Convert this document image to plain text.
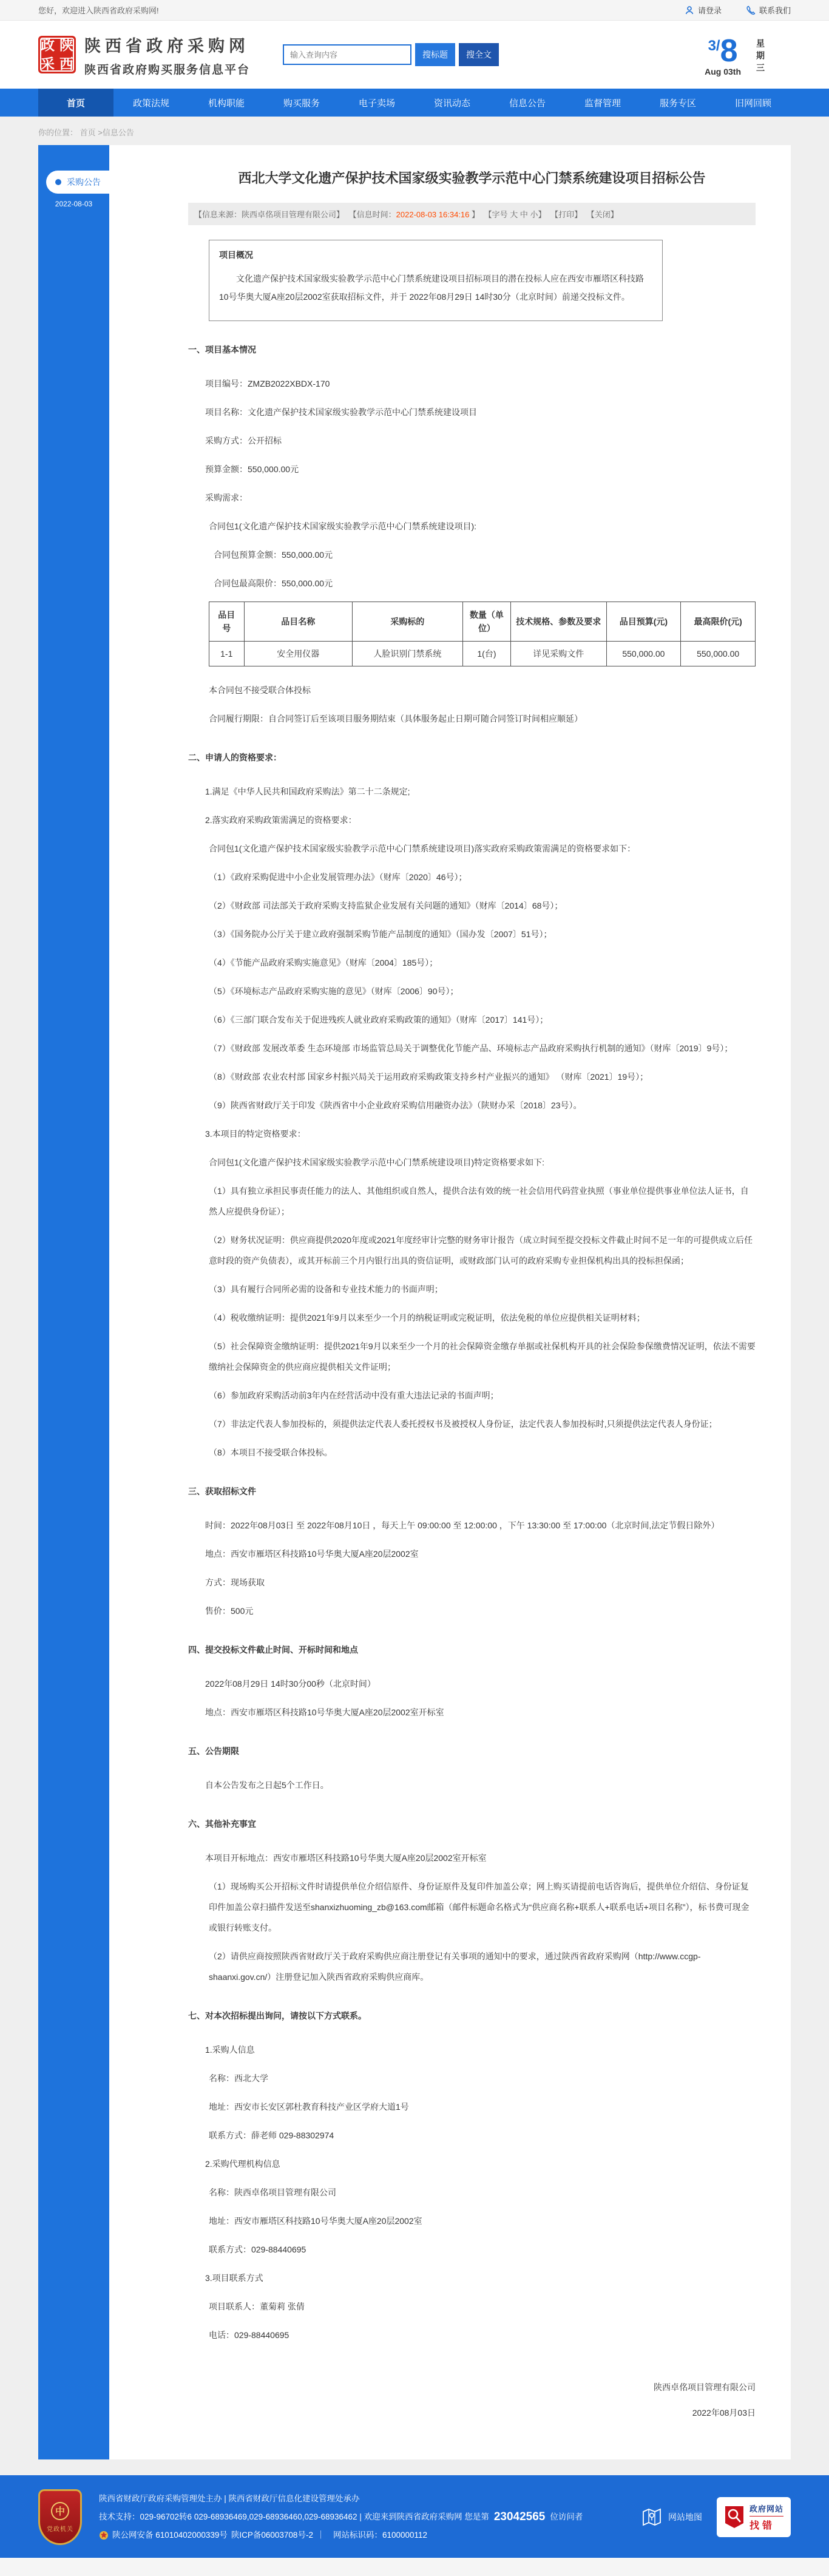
您好，欢迎进入陕西省政府采购网!	请登录	联系我们
政 陕
采 西
陕西省政府采购网
陕西省政府购买服务信息平台
输入查询内容
搜标题	搜全文
3/8
Aug 03th 星期三
首页	政策法规	机构职能	购买服务	电子卖场	资讯动态	信息公告	监督管理	服务专区	旧网回顾
你的位置： 首页 >信息公告
采购公告
2022-08-03
西北大学文化遗产保护技术国家级实验教学示范中心门禁系统建设项目招标公告
【信息来源：陕西卓佲项目管理有限公司】 【信息时间：2022-08-03 16:34:16 】 【字号 大 中 小】 【打印】 【关闭】
项目概况

文化遗产保护技术国家级实验教学示范中心门禁系统建设项目招标项目的潜在投标人应在西安市雁塔区科技路10号华奥大厦A座20层2002室获取招标文件，并于 2022年08月29日 14时30分（北京时间）前递交投标文件。

一、项目基本情况

项目编号：ZMZB2022XBDX-170

项目名称：文化遗产保护技术国家级实验教学示范中心门禁系统建设项目

采购方式：公开招标

预算金额：550,000.00元

采购需求：

合同包1(文化遗产保护技术国家级实验教学示范中心门禁系统建设项目):

合同包预算金额：550,000.00元

合同包最高限价：550,000.00元

品目号	品目名称	采购标的	数量（单位）	技术规格、参数及要求	品目预算(元)	最高限价(元)
1-1	安全用仪器	人脸识别门禁系统	1(台)	详见采购文件	550,000.00	550,000.00

本合同包不接受联合体投标

合同履行期限：自合同签订后至该项目服务期结束（具体服务起止日期可随合同签订时间相应顺延）

二、申请人的资格要求：

1.满足《中华人民共和国政府采购法》第二十二条规定;

2.落实政府采购政策需满足的资格要求：

合同包1(文化遗产保护技术国家级实验教学示范中心门禁系统建设项目)落实政府采购政策需满足的资格要求如下：

（1）《政府采购促进中小企业发展管理办法》（财库〔2020〕46号）；

（2）《财政部 司法部关于政府采购支持监狱企业发展有关问题的通知》（财库〔2014〕68号）；

（3）《国务院办公厅关于建立政府强制采购节能产品制度的通知》（国办发〔2007〕51号）；

（4）《节能产品政府采购实施意见》（财库〔2004〕185号）；

（5）《环境标志产品政府采购实施的意见》（财库〔2006〕90号）；

（6）《三部门联合发布关于促进残疾人就业政府采购政策的通知》（财库〔2017〕141号）；

（7）《财政部 发展改革委 生态环境部 市场监管总局关于调整优化节能产品、环境标志产品政府采购执行机制的通知》（财库〔2019〕9号）；

（8）《财政部 农业农村部 国家乡村振兴局关于运用政府采购政策支持乡村产业振兴的通知》 （财库〔2021〕19号）；

（9）陕西省财政厅关于印发《陕西省中小企业政府采购信用融资办法》（陕财办采〔2018〕23号）。

3.本项目的特定资格要求：

合同包1(文化遗产保护技术国家级实验教学示范中心门禁系统建设项目)特定资格要求如下:

（1）具有独立承担民事责任能力的法人、其他组织或自然人，提供合法有效的统一社会信用代码营业执照（事业单位提供事业单位法人证书，自然人应提供身份证）；

（2）财务状况证明：供应商提供2020年度或2021年度经审计完整的财务审计报告（成立时间至提交投标文件截止时间不足一年的可提供成立后任意时段的资产负债表），或其开标前三个月内银行出具的资信证明，或财政部门认可的政府采购专业担保机构出具的投标担保函；

（3）具有履行合同所必需的设备和专业技术能力的书面声明；

（4）税收缴纳证明：提供2021年9月以来至少一个月的纳税证明或完税证明，依法免税的单位应提供相关证明材料；

（5）社会保障资金缴纳证明：提供2021年9月以来至少一个月的社会保障资金缴存单据或社保机构开具的社会保险参保缴费情况证明，依法不需要缴纳社会保障资金的供应商应提供相关文件证明；

（6）参加政府采购活动前3年内在经营活动中没有重大违法记录的书面声明；

（7）非法定代表人参加投标的，须提供法定代表人委托授权书及被授权人身份证，法定代表人参加投标时,只须提供法定代表人身份证；

（8）本项目不接受联合体投标。

三、获取招标文件

时间：2022年08月03日 至 2022年08月10日 ，每天上午 09:00:00 至 12:00:00 ，下午 13:30:00 至 17:00:00（北京时间,法定节假日除外）

地点：西安市雁塔区科技路10号华奥大厦A座20层2002室

方式：现场获取

售价：500元

四、提交投标文件截止时间、开标时间和地点

2022年08月29日 14时30分00秒（北京时间）

地点：西安市雁塔区科技路10号华奥大厦A座20层2002室开标室

五、公告期限

自本公告发布之日起5个工作日。

六、其他补充事宜

本项目开标地点：西安市雁塔区科技路10号华奥大厦A座20层2002室开标室

（1）现场购买公开招标文件时请提供单位介绍信原件、身份证原件及复印件加盖公章；网上购买请提前电话咨询后，提供单位介绍信、身份证复印件加盖公章扫描件发送至shanxizhuoming_zb@163.com邮箱（邮件标题命名格式为“供应商名称+联系人+联系电话+项目名称”），标书费可现金或银行转账支付。

（2）请供应商按照陕西省财政厅关于政府采购供应商注册登记有关事项的通知中的要求，通过陕西省政府采购网（http://www.ccgp-shaanxi.gov.cn/）注册登记加入陕西省政府采购供应商库。

七、对本次招标提出询问，请按以下方式联系。

1.采购人信息

名称：西北大学

地址：西安市长安区郭杜教育科技产业区学府大道1号

联系方式：薛老师 029-88302974

2.采购代理机构信息

名称：陕西卓佲项目管理有限公司

地址：西安市雁塔区科技路10号华奥大厦A座20层2002室

联系方式：029-88440695

3.项目联系方式

项目联系人：董菊莉 张倩

电话：029-88440695

陕西卓佲项目管理有限公司
2022年08月03日
中
党政机关
陕西省财政厅政府采购管理处主办 | 陕西省财政厅信息化建设管理处承办
技术支持：029-96702转6 029-68936469,029-68936460,029-68936462 | 欢迎来到陕西省政府采购网 您是第 23042565 位访问者
陕公网安备 61010402000339号 陕ICP备06003708号-2 ｜　网站标识码：6100000112
网站地图
政府网站
找错
